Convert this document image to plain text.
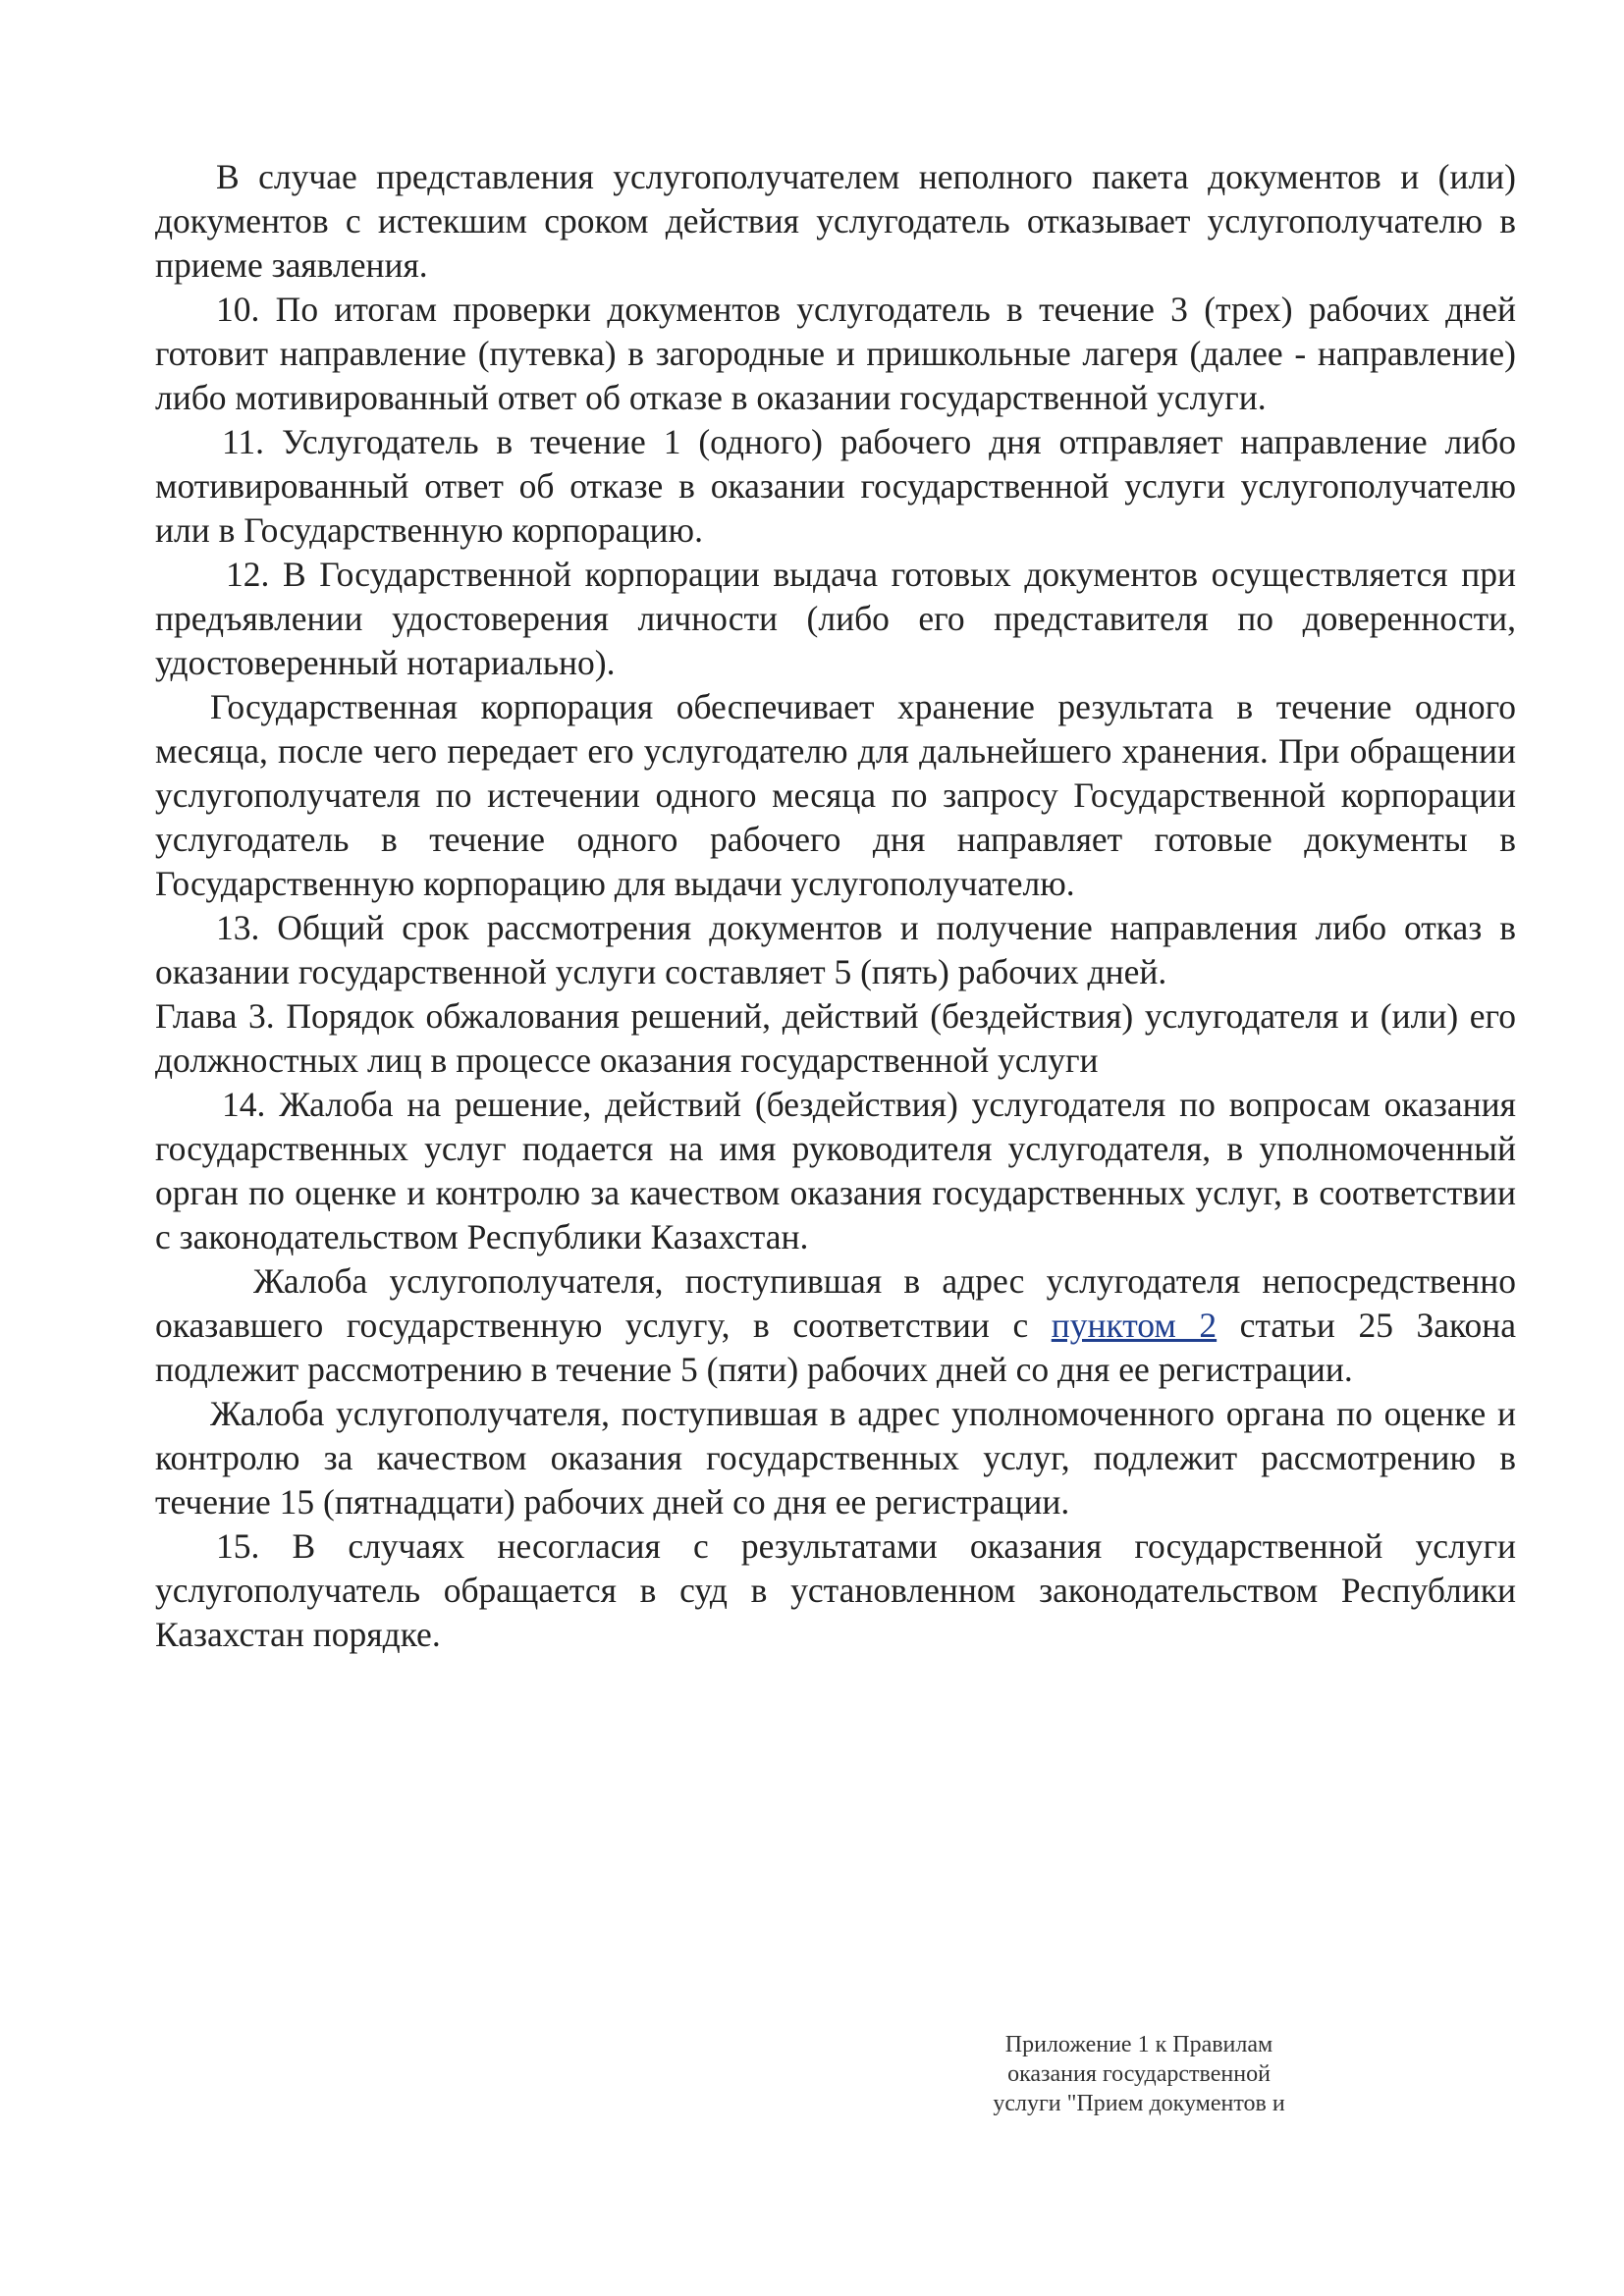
В случае представления услугополучателем неполного пакета документов и (или) документов с истекшим сроком действия услугодатель отказывает услугополучателю в приеме заявления.

10. По итогам проверки документов услугодатель в течение 3 (трех) рабочих дней готовит направление (путевка) в загородные и пришкольные лагеря (далее - направление) либо мотивированный ответ об отказе в оказании государственной услуги.

11. Услугодатель в течение 1 (одного) рабочего дня отправляет направление либо мотивированный ответ об отказе в оказании государственной услуги услугополучателю или в Государственную корпорацию.

12. В Государственной корпорации выдача готовых документов осуществляется при предъявлении удостоверения личности (либо его представителя по доверенности, удостоверенный нотариально).

Государственная корпорация обеспечивает хранение результата в течение одного месяца, после чего передает его услугодателю для дальнейшего хранения. При обращении услугополучателя по истечении одного месяца по запросу Государственной корпорации услугодатель в течение одного рабочего дня направляет готовые документы в Государственную корпорацию для выдачи услугополучателю.

13. Общий срок рассмотрения документов и получение направления либо отказ в оказании государственной услуги составляет 5 (пять) рабочих дней.

Глава 3. Порядок обжалования решений, действий (бездействия) услугодателя и (или) его должностных лиц в процессе оказания государственной услуги

14. Жалоба на решение, действий (бездействия) услугодателя по вопросам оказания государственных услуг подается на имя руководителя услугодателя, в уполномоченный орган по оценке и контролю за качеством оказания государственных услуг, в соответствии с законодательством Республики Казахстан.

Жалоба услугополучателя, поступившая в адрес услугодателя непосредственно оказавшего государственную услугу, в соответствии с пунктом 2 статьи 25 Закона подлежит рассмотрению в течение 5 (пяти) рабочих дней со дня ее регистрации.

Жалоба услугополучателя, поступившая в адрес уполномоченного органа по оценке и контролю за качеством оказания государственных услуг, подлежит рассмотрению в течение 15 (пятнадцати) рабочих дней со дня ее регистрации.

15. В случаях несогласия с результатами оказания государственной услуги услугополучатель обращается в суд в установленном законодательством Республики Казахстан порядке.

Приложение 1 к Правилам
оказания государственной
услуги "Прием документов и
